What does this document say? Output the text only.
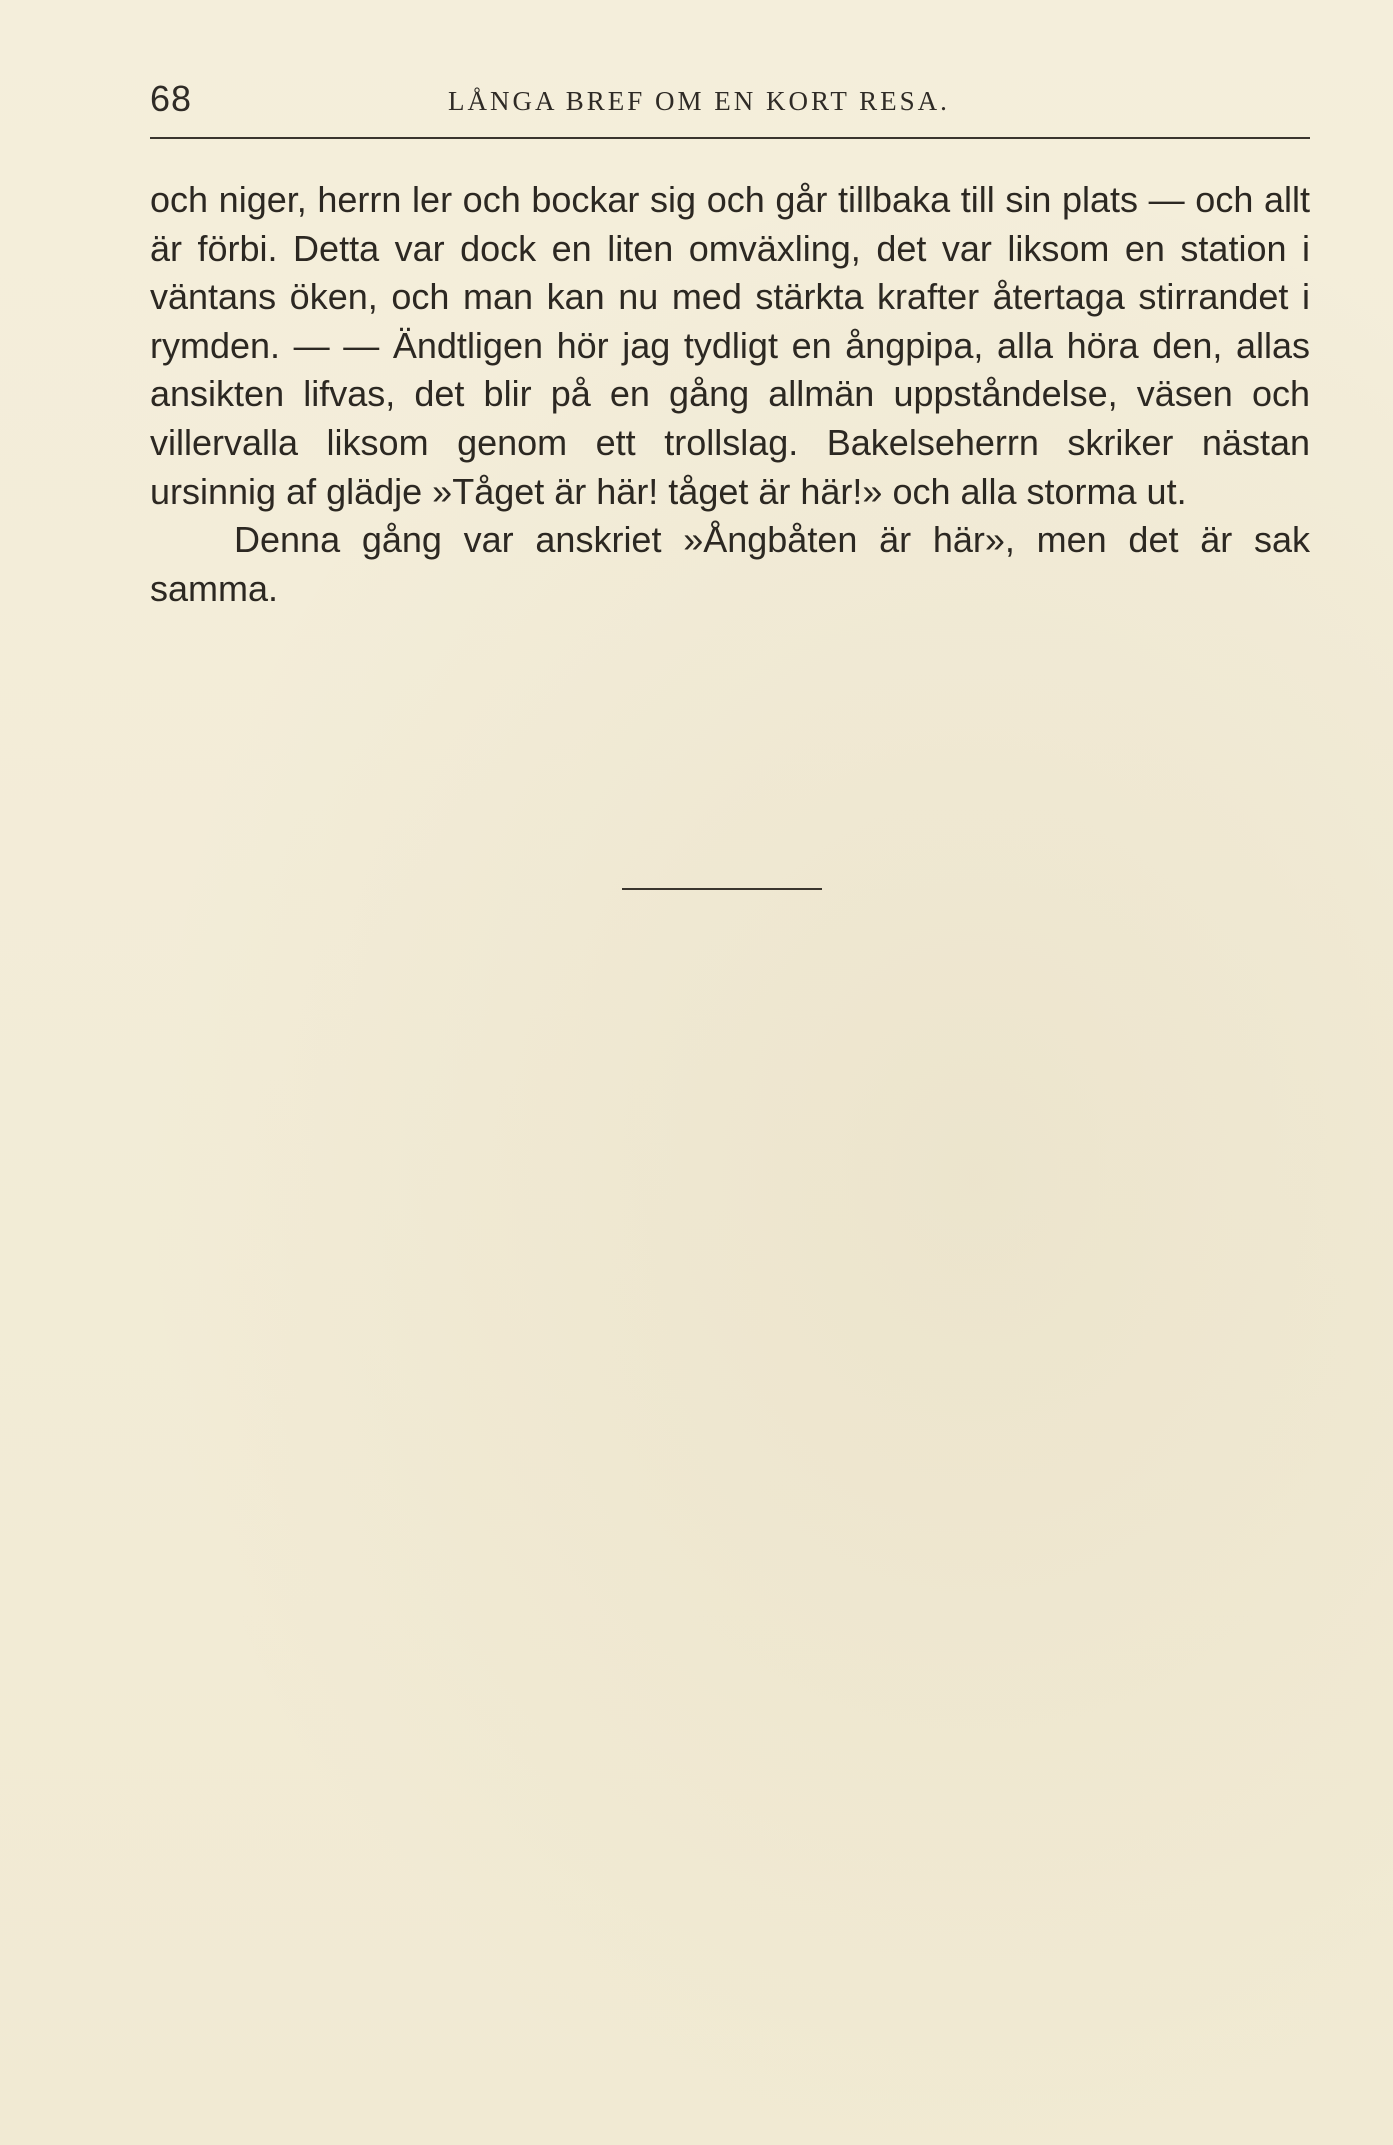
68	LÅNGA BREF OM EN KORT RESA.

och niger, herrn ler och bockar sig och går tillbaka till sin plats — och allt är förbi. Detta var dock en liten omväxling, det var liksom en station i väntans öken, och man kan nu med stärkta krafter återtaga stirrandet i rymden. — — Ändtligen hör jag tydligt en ångpipa, alla höra den, allas ansikten lifvas, det blir på en gång allmän uppståndelse, väsen och villervalla liksom genom ett trollslag. Bakelseherrn skriker nästan ursinnig af glädje »Tåget är här! tåget är här!» och alla storma ut.

Denna gång var anskriet »Ångbåten är här», men det är sak samma.
